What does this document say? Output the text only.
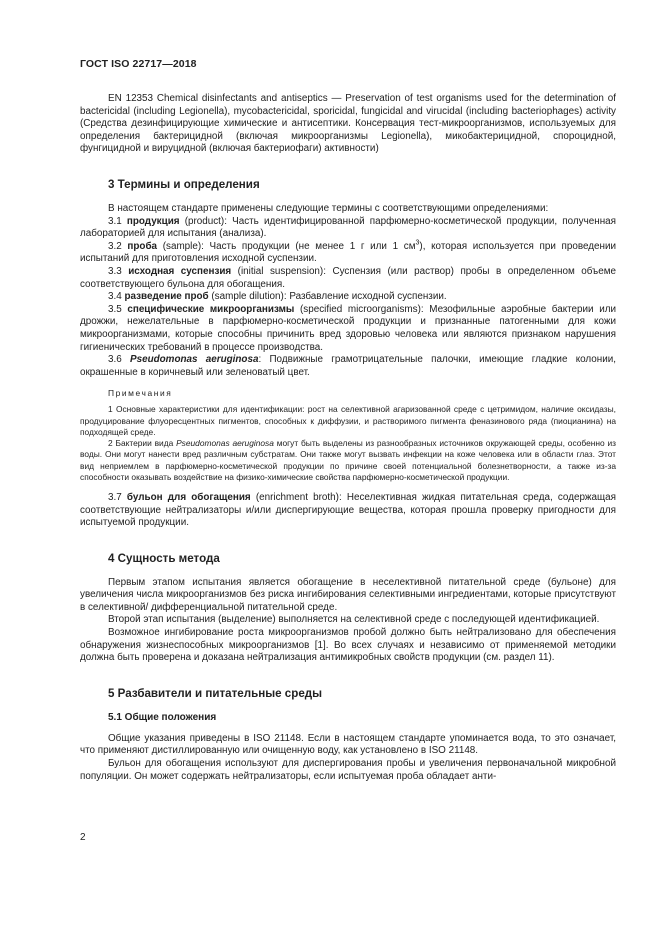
ГОСТ ISO 22717—2018

EN 12353 Chemical disinfectants and antiseptics — Preservation of test organisms used for the determination of bactericidal (including Legionella), mycobactericidal, sporicidal, fungicidal and virucidal (including bacteriophages) activity (Средства дезинфицирующие химические и антисептики. Консервация тест-микроорганизмов, используемых для определения бактерицидной (включая микроорганизмы Legionella), микобактерицидной, спороцидной, фунгицидной и вируцидной (включая бактериофаги) активности)

3 Термины и определения

В настоящем стандарте применены следующие термины с соответствующими определениями:

3.1 продукция (product): Часть идентифицированной парфюмерно-косметической продукции, полученная лабораторией для испытания (анализа).

3.2 проба (sample): Часть продукции (не менее 1 г или 1 $см^3$), которая используется при проведении испытаний для приготовления исходной суспензии.

3.3 исходная суспензия (initial suspension): Суспензия (или раствор) пробы в определенном объеме соответствующего бульона для обогащения.

3.4 разведение проб (sample dilution): Разбавление исходной суспензии.

3.5 специфические микроорганизмы (specified microorganisms): Мезофильные аэробные бактерии или дрожжи, нежелательные в парфюмерно-косметической продукции и признанные патогенными для кожи микроорганизмами, которые способны причинить вред здоровью человека или являются признаком нарушения гигиенических требований в процессе производства.

3.6 Pseudomonas aeruginosa: Подвижные грамотрицательные палочки, имеющие гладкие колонии, окрашенные в коричневый или зеленоватый цвет.

Примечания

1 Основные характеристики для идентификации: рост на селективной агаризованной среде с цетримидом, наличие оксидазы, продуцирование флуоресцентных пигментов, способных к диффузии, и растворимого пигмента феназинового ряда (пиоцианина) на подходящей среде.

2 Бактерии вида Pseudomonas aeruginosa могут быть выделены из разнообразных источников окружающей среды, особенно из воды. Они могут нанести вред различным субстратам. Они также могут вызвать инфекции на коже человека или в области глаз. Этот вид неприемлем в парфюмерно-косметической продукции по причине своей потенциальной болезнетворности, а также из-за способности оказывать воздействие на физико-химические свойства парфюмерно-косметической продукции.

3.7 бульон для обогащения (enrichment broth): Неселективная жидкая питательная среда, содержащая соответствующие нейтрализаторы и/или диспергирующие вещества, которая прошла проверку пригодности для испытуемой продукции.

4 Сущность метода

Первым этапом испытания является обогащение в неселективной питательной среде (бульоне) для увеличения числа микроорганизмов без риска ингибирования селективными ингредиентами, которые присутствуют в селективной/ дифференциальной питательной среде.

Второй этап испытания (выделение) выполняется на селективной среде с последующей идентификацией.

Возможное ингибирование роста микроорганизмов пробой должно быть нейтрализовано для обеспечения обнаружения жизнеспособных микроорганизмов [1]. Во всех случаях и независимо от применяемой методики должна быть проверена и доказана нейтрализация антимикробных свойств продукции (см. раздел 11).

5 Разбавители и питательные среды
5.1 Общие положения

Общие указания приведены в ISO 21148. Если в настоящем стандарте упоминается вода, то это означает, что применяют дистиллированную или очищенную воду, как установлено в ISO 21148.

Бульон для обогащения используют для диспергирования пробы и увеличения первоначальной микробной популяции. Он может содержать нейтрализаторы, если испытуемая проба обладает анти-

2
